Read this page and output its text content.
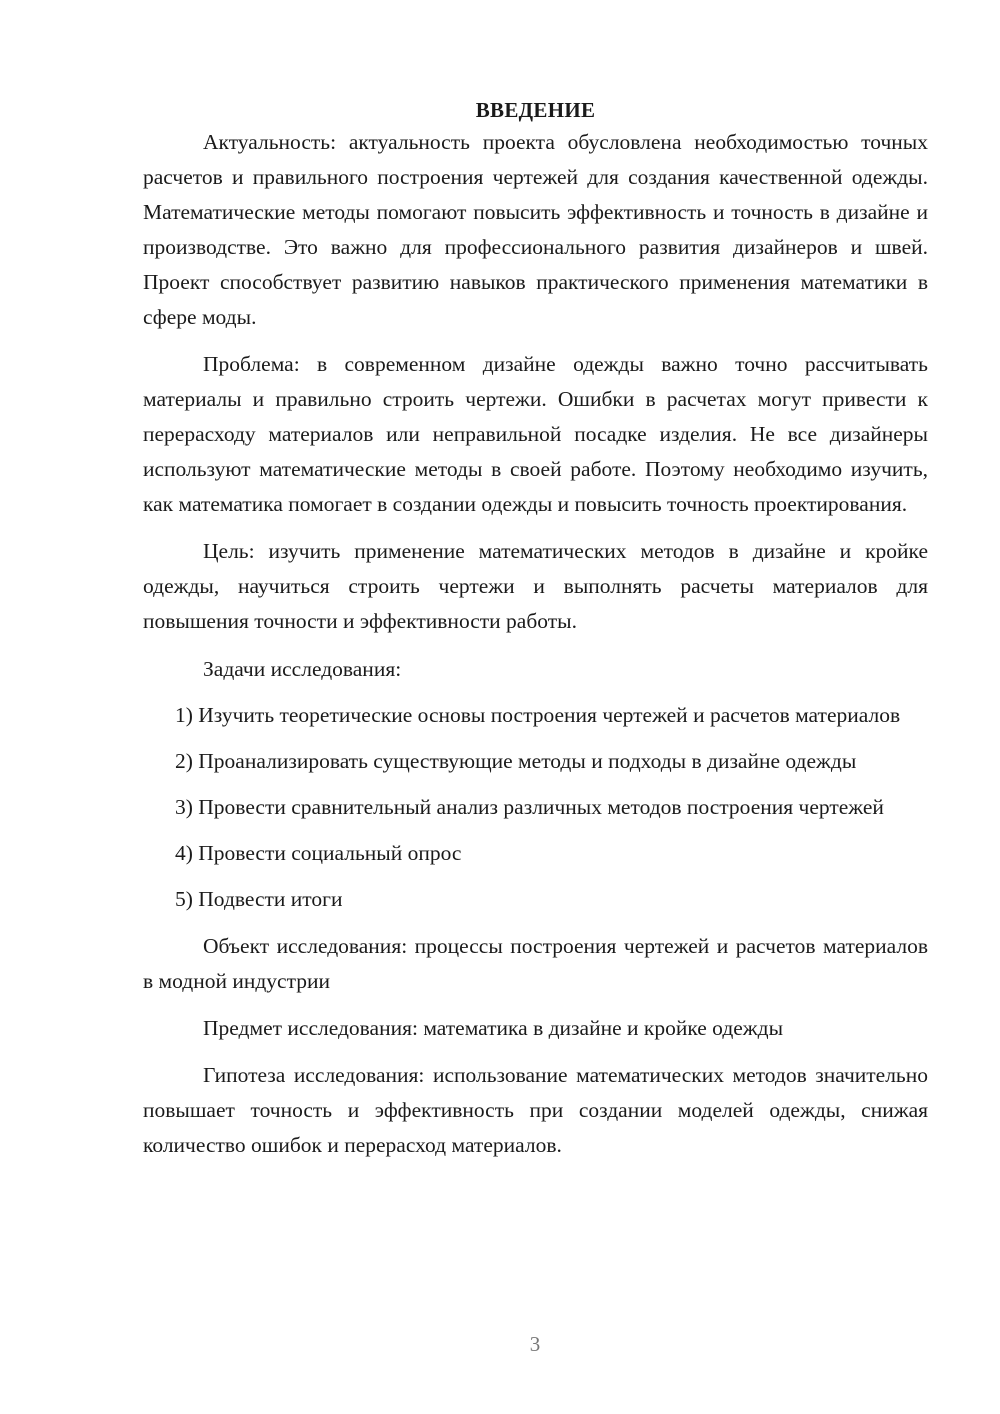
ВВЕДЕНИЕ

Актуальность: актуальность проекта обусловлена необходимостью точных расчетов и правильного построения чертежей для создания качественной одежды. Математические методы помогают повысить эффективность и точность в дизайне и производстве. Это важно для профессионального развития дизайнеров и швей. Проект способствует развитию навыков практического применения математики в сфере моды.

Проблема: в современном дизайне одежды важно точно рассчитывать материалы и правильно строить чертежи. Ошибки в расчетах могут привести к перерасходу материалов или неправильной посадке изделия. Не все дизайнеры используют математические методы в своей работе. Поэтому необходимо изучить, как математика помогает в создании одежды и повысить точность проектирования.

Цель: изучить применение математических методов в дизайне и кройке одежды, научиться строить чертежи и выполнять расчеты материалов для повышения точности и эффективности работы.

Задачи исследования:

1) Изучить теоретические основы построения чертежей и расчетов материалов

2) Проанализировать существующие методы и подходы в дизайне одежды

3) Провести сравнительный анализ различных методов построения чертежей

4) Провести социальный опрос

5) Подвести итоги

Объект исследования: процессы построения чертежей и расчетов материалов в модной индустрии

Предмет исследования: математика в дизайне и кройке одежды

Гипотеза исследования: использование математических методов значительно повышает точность и эффективность при создании моделей одежды, снижая количество ошибок и перерасход материалов.

3
